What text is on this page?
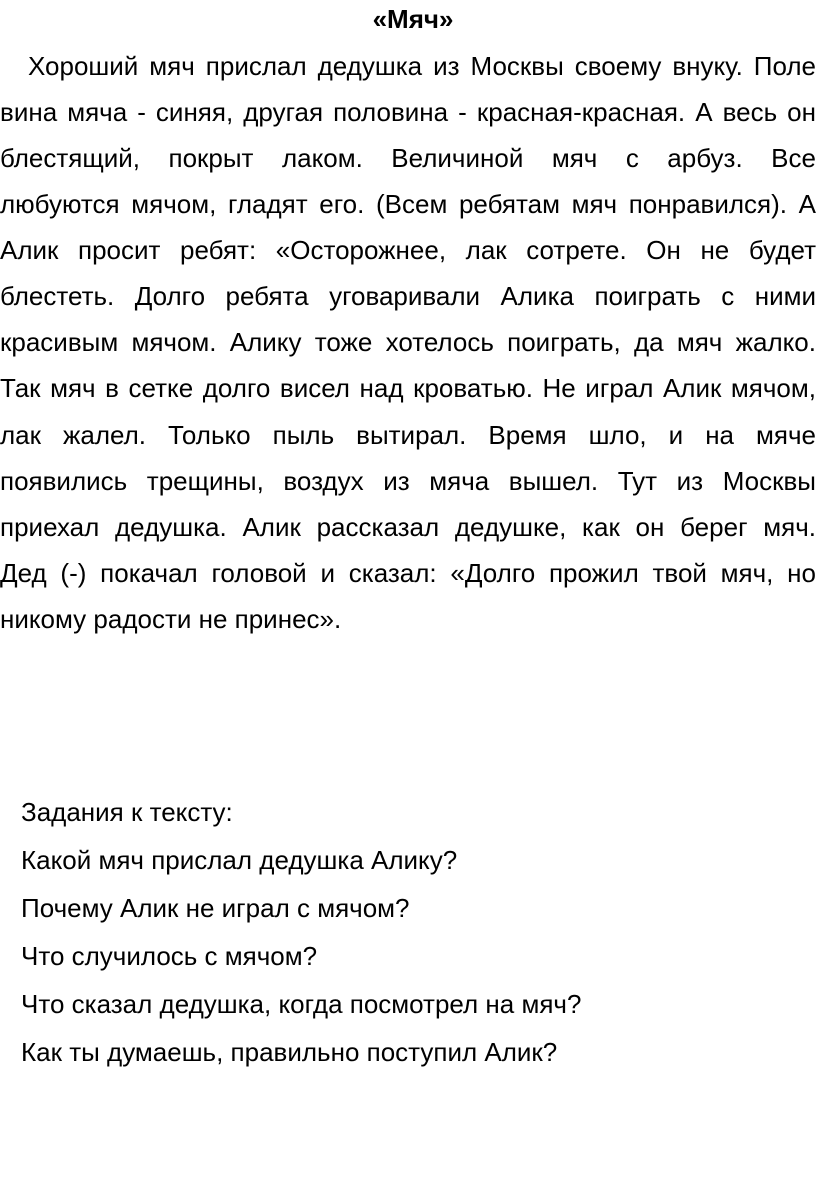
«Мяч»
Хороший мяч прислал дедушка из Москвы своему внуку. Поле
вина мяча - синяя, другая половина - красная-красная. А весь он
блестящий, покрыт лаком. Величиной мяч с арбуз. Все
любуются мячом, гладят его. (Всем ребятам мяч понравился). А
Алик просит ребят: «Осторожнее, лак сотрете. Он не будет
блестеть. Долго ребята уговаривали Алика поиграть с ними
красивым мячом. Алику тоже хотелось поиграть, да мяч жалко.
Так мяч в сетке долго висел над кроватью. Не играл Алик мячом,
лак жалел. Только пыль вытирал. Время шло, и на мяче
появились трещины, воздух из мяча вышел. Тут из Москвы
приехал дедушка. Алик рассказал дедушке, как он берег мяч.
Дед (-) покачал головой и сказал: «Долго прожил твой мяч, но
никому радости не принес».
Задания к тексту:
Какой мяч прислал дедушка Алику?
Почему Алик не играл с мячом?
Что случилось с мячом?
Что сказал дедушка, когда посмотрел на мяч?
Как ты думаешь, правильно поступил Алик?
